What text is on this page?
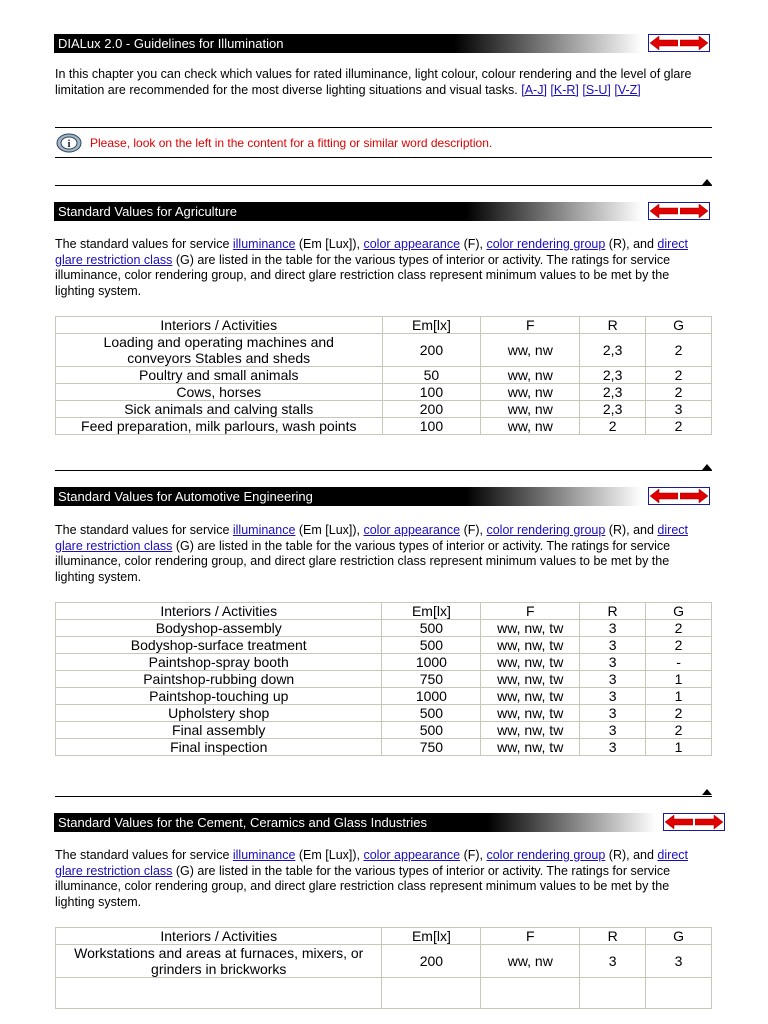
DIALux 2.0 - Guidelines for Illumination
In this chapter you can check which values for rated illuminance, light colour, colour rendering and the level of glare limitation are recommended for the most diverse lighting situations and visual tasks. [A-J] [K-R] [S-U] [V-Z]
i Please, look on the left in the content for a fitting or similar word description.
Standard Values for Agriculture
The standard values for service illuminance (Em [Lux]), color appearance (F), color rendering group (R), and direct glare restriction class (G) are listed in the table for the various types of interior or activity. The ratings for service illuminance, color rendering group, and direct glare restriction class represent minimum values to be met by the lighting system.
Interiors / Activities	Em[lx]	F	R	G
Loading and operating machines and conveyors Stables and sheds	200	ww, nw	2,3	2
Poultry and small animals	50	ww, nw	2,3	2
Cows, horses	100	ww, nw	2,3	2
Sick animals and calving stalls	200	ww, nw	2,3	3
Feed preparation, milk parlours, wash points	100	ww, nw	2	2
Standard Values for Automotive Engineering
The standard values for service illuminance (Em [Lux]), color appearance (F), color rendering group (R), and direct glare restriction class (G) are listed in the table for the various types of interior or activity. The ratings for service illuminance, color rendering group, and direct glare restriction class represent minimum values to be met by the lighting system.
Interiors / Activities	Em[lx]	F	R	G
Bodyshop-assembly	500	ww, nw, tw	3	2
Bodyshop-surface treatment	500	ww, nw, tw	3	2
Paintshop-spray booth	1000	ww, nw, tw	3	-
Paintshop-rubbing down	750	ww, nw, tw	3	1
Paintshop-touching up	1000	ww, nw, tw	3	1
Upholstery shop	500	ww, nw, tw	3	2
Final assembly	500	ww, nw, tw	3	2
Final inspection	750	ww, nw, tw	3	1
Standard Values for the Cement, Ceramics and Glass Industries
The standard values for service illuminance (Em [Lux]), color appearance (F), color rendering group (R), and direct glare restriction class (G) are listed in the table for the various types of interior or activity. The ratings for service illuminance, color rendering group, and direct glare restriction class represent minimum values to be met by the lighting system.
Interiors / Activities	Em[lx]	F	R	G
Workstations and areas at furnaces, mixers, or grinders in brickworks	200	ww, nw	3	3
